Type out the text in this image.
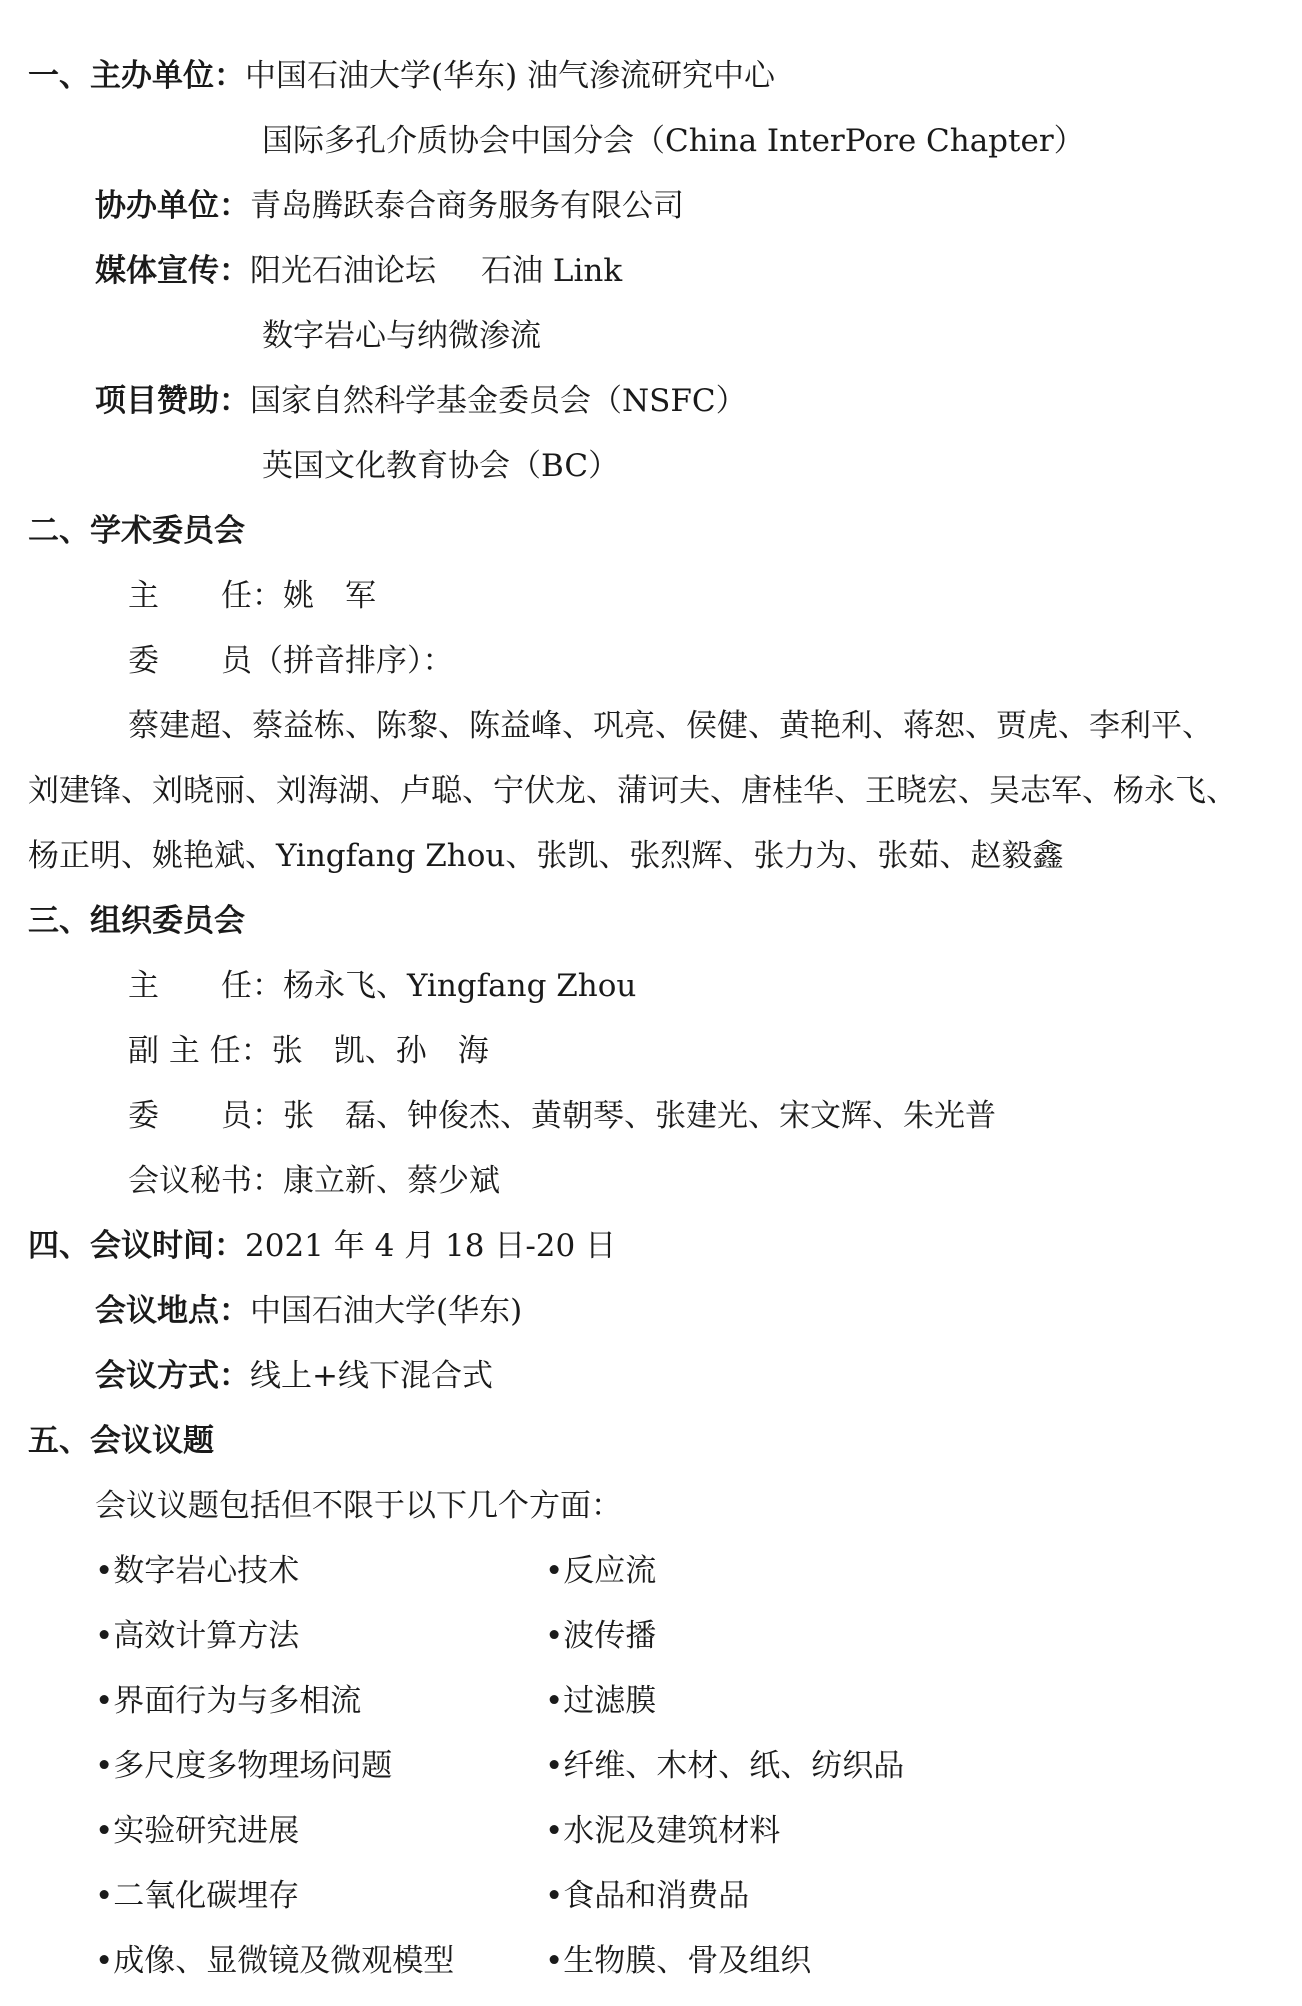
一、主办单位：中国石油大学(华东) 油气渗流研究中心
国际多孔介质协会中国分会（China InterPore Chapter）
协办单位：青岛腾跃泰合商务服务有限公司
媒体宣传：阳光石油论坛 石油 Link
数字岩心与纳微渗流
项目赞助：国家自然科学基金委员会（NSFC）
英国文化教育协会（BC）
二、学术委员会
主　　任：姚　军
委　　员（拼音排序）：
蔡建超、蔡益栋、陈黎、陈益峰、巩亮、侯健、黄艳利、蒋恕、贾虎、李利平、
刘建锋、刘晓丽、刘海湖、卢聪、宁伏龙、蒲诃夫、唐桂华、王晓宏、吴志军、杨永飞、
杨正明、姚艳斌、Yingfang Zhou、张凯、张烈辉、张力为、张茹、赵毅鑫
三、组织委员会
主　　任：杨永飞、Yingfang Zhou
副 主 任：张　凯、孙　海
委　　员：张　磊、钟俊杰、黄朝琴、张建光、宋文辉、朱光普
会议秘书：康立新、蔡少斌
四、会议时间：2021 年 4 月 18 日-20 日
会议地点：中国石油大学(华东)
会议方式：线上+线下混合式
五、会议议题
会议议题包括但不限于以下几个方面：
•数字岩心技术	•反应流
•高效计算方法	•波传播
•界面行为与多相流	•过滤膜
•多尺度多物理场问题	•纤维、木材、纸、纺织品
•实验研究进展	•水泥及建筑材料
•二氧化碳埋存	•食品和消费品
•成像、显微镜及微观模型	•生物膜、骨及组织
